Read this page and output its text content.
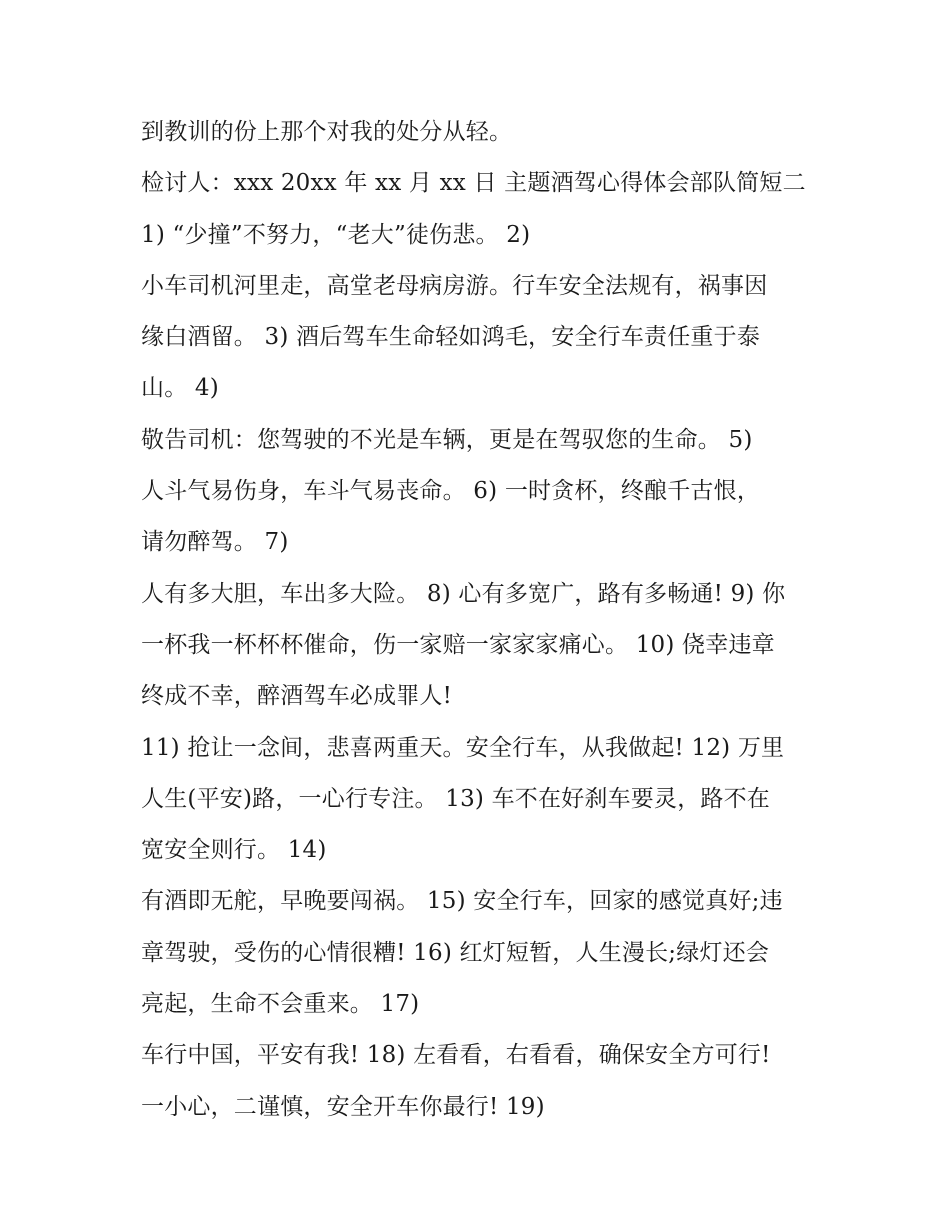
到教训的份上那个对我的处分从轻。
检讨人：xxx 20xx 年 xx 月 xx 日 主题酒驾心得体会部队简短二
1) “少撞”不努力，“老大”徒伤悲。 2)
小车司机河里走，高堂老母病房游。行车安全法规有，祸事因
缘白酒留。 3) 酒后驾车生命轻如鸿毛，安全行车责任重于泰
山。 4)
敬告司机：您驾驶的不光是车辆，更是在驾驭您的生命。 5)
人斗气易伤身，车斗气易丧命。 6) 一时贪杯，终酿千古恨，
请勿醉驾。 7)
人有多大胆，车出多大险。 8) 心有多宽广，路有多畅通! 9) 你
一杯我一杯杯杯催命，伤一家赔一家家家痛心。 10) 侥幸违章
终成不幸，醉酒驾车必成罪人!
11) 抢让一念间，悲喜两重天。安全行车，从我做起! 12) 万里
人生(平安)路，一心行专注。 13) 车不在好刹车要灵，路不在
宽安全则行。 14)
有酒即无舵，早晚要闯祸。 15) 安全行车，回家的感觉真好;违
章驾驶，受伤的心情很糟! 16) 红灯短暂，人生漫长;绿灯还会
亮起，生命不会重来。 17)
车行中国，平安有我! 18) 左看看，右看看，确保安全方可行!
一小心，二谨慎，安全开车你最行! 19)
